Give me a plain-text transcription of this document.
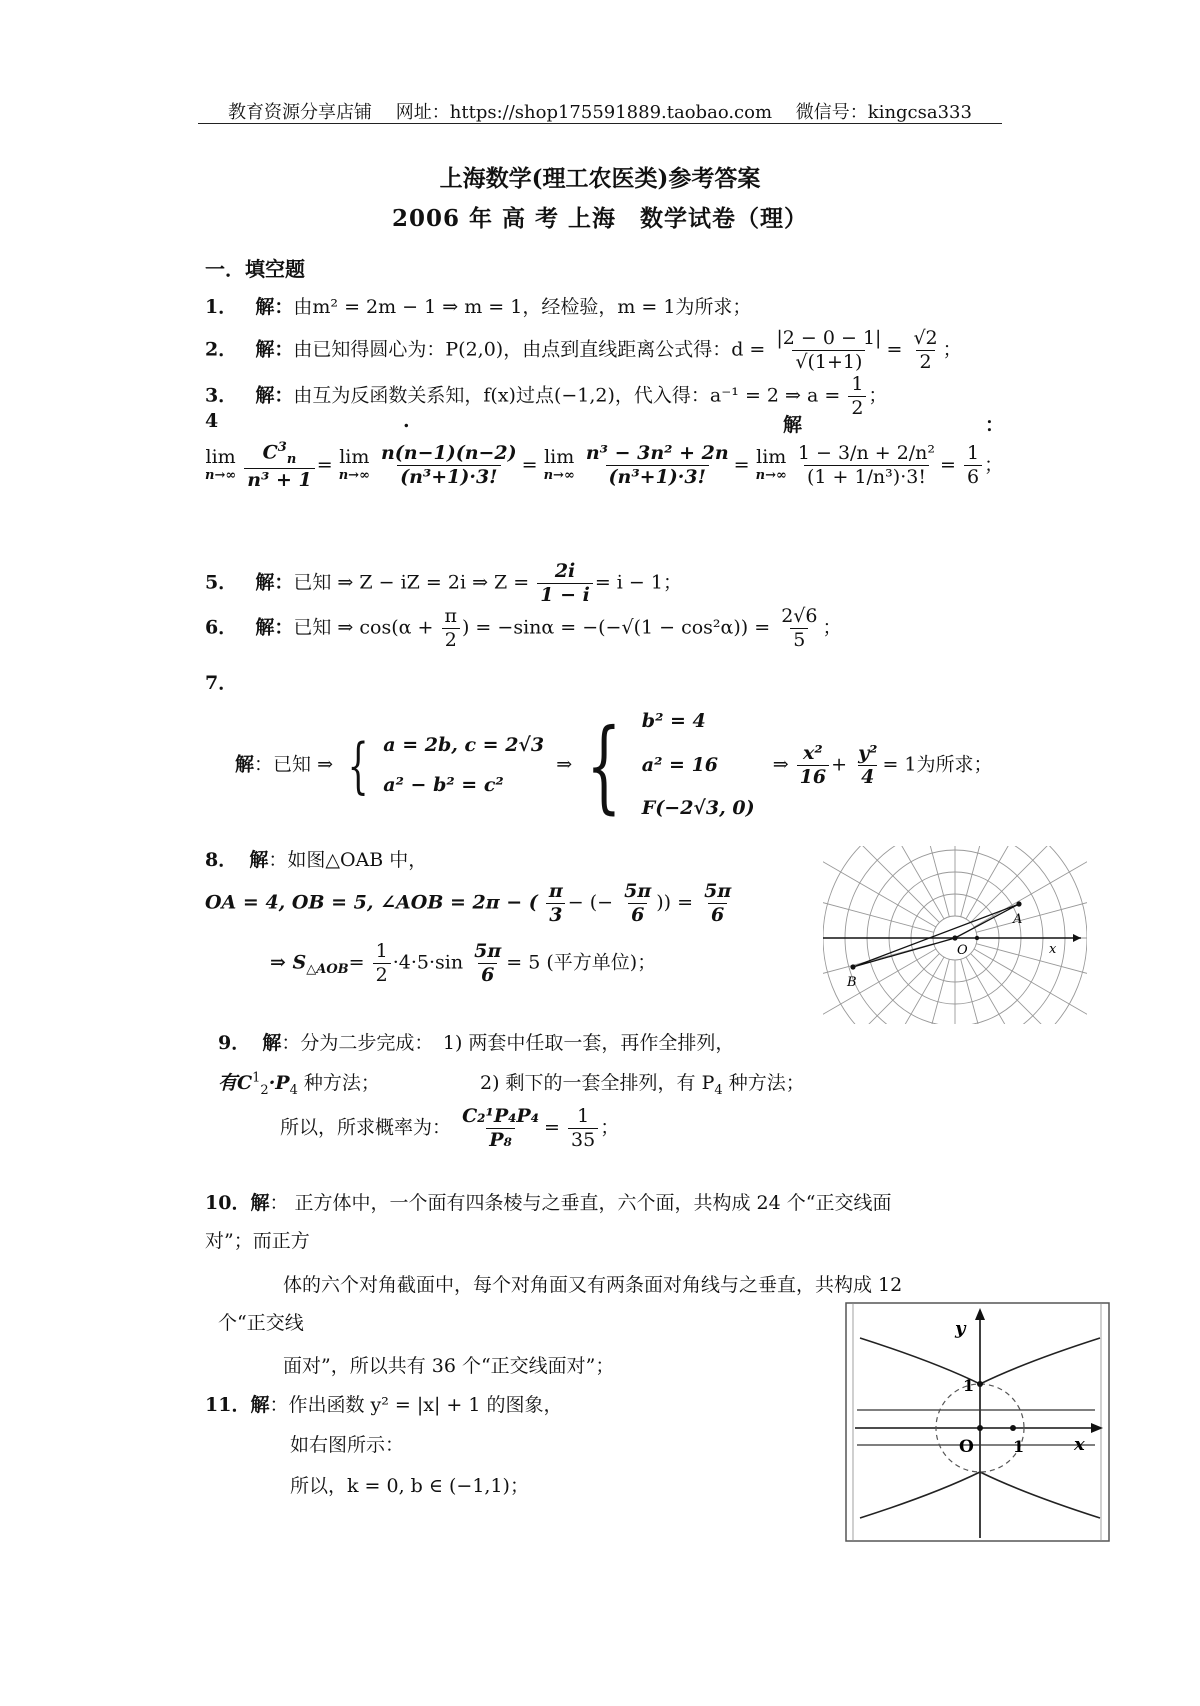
教育资源分享店铺 网址：https://shop175591889.taobao.com 微信号：kingcsa333
上海数学(理工农医类)参考答案
2006 年 高 考 上海　数学试卷（理）
一．填空题
1． 解：由m² = 2m − 1 ⇒ m = 1，经检验，m = 1为所求；
2． 解：由已知得圆心为：P(2,0)，由点到直线距离公式得：$d = \frac{|2 - 0 - 1|}{√(1+1)} = \frac{√2}{2}$ ；
3． 解：由互为反函数关系知，f(x)过点(−1,2)，代入得：a⁻¹ = 2 ⇒ $a = \frac{1}{2}$ ；
4	.	解	：
lim
n→∞
$\frac{C^3_n}{\text{n³ + 1}} = \lim$
n→∞
$\frac{n(n-1)(n-2)}{\text{(n³+1)·3!}} = \lim$
n→∞
$\frac{\text{n³ − 3n² + 2n}}{\text{(n³+1)·3!}} = \lim$
n→∞
$\frac{\text{1 − 3/n + 2/n²}}{\text{(1 + 1/n³)·3!}} = \frac{1}{6}$ ；
5． 解：已知 ⇒ Z − iZ = 2i ⇒ $Z = \frac{2i}{1 - i} = i - 1$；
6． 解：已知 ⇒ $\cos(\alpha + \frac{\pi}{2}$ ) = $-\sin\alpha = -(-√(1 - \cos^2\alpha)) = \frac{2√6}{5}$ ；
7．
解：已知 ⇒ { a = 2b, c = 2√3
a² − b² = c²
⇒ { b² = 4
a² = 16
F(−2√3, 0)
⇒ $\frac{\text{x²}}{16} + \frac{\text{y²}}{4} = 1$为所求；
8． 解：如图△OAB 中，
OA = 4, OB = 5, ∠AOB = 2π − ( $\frac{\pi}{3}$ − (− $\frac{5\pi}{6}$ )) = $\frac{5\pi}{6}$
⇒ $S_{\triangle AOB}= \frac{1}{2} \cdot 4\cdot 5\cdot\sin \frac{5\pi}{6} = 5$ (平方单位)；
A
B
O	x
9． 解：分为二步完成：　1) 两套中任取一套，再作全排列，
有$C^1_2\cdot P_4$ 种方法；	2) 剩下的一套全排列，有 $P_4$ 种方法；
所以，所求概率为： $\frac{\text{C₂¹P₄P₄}}{\text{P₈}} = \frac{1}{35}$ ；
10．解： 正方体中，一个面有四条棱与之垂直，六个面，共构成 24 个“正交线面
对”；而正方
体的六个对角截面中，每个对角面又有两条面对角线与之垂直，共构成 12
个“正交线
面对”，所以共有 36 个“正交线面对”；
11．解：作出函数 y² = |x| + 1 的图象，
如右图所示：
所以，k = 0, b ∈ (−1,1)；
y
x
O
1
1
